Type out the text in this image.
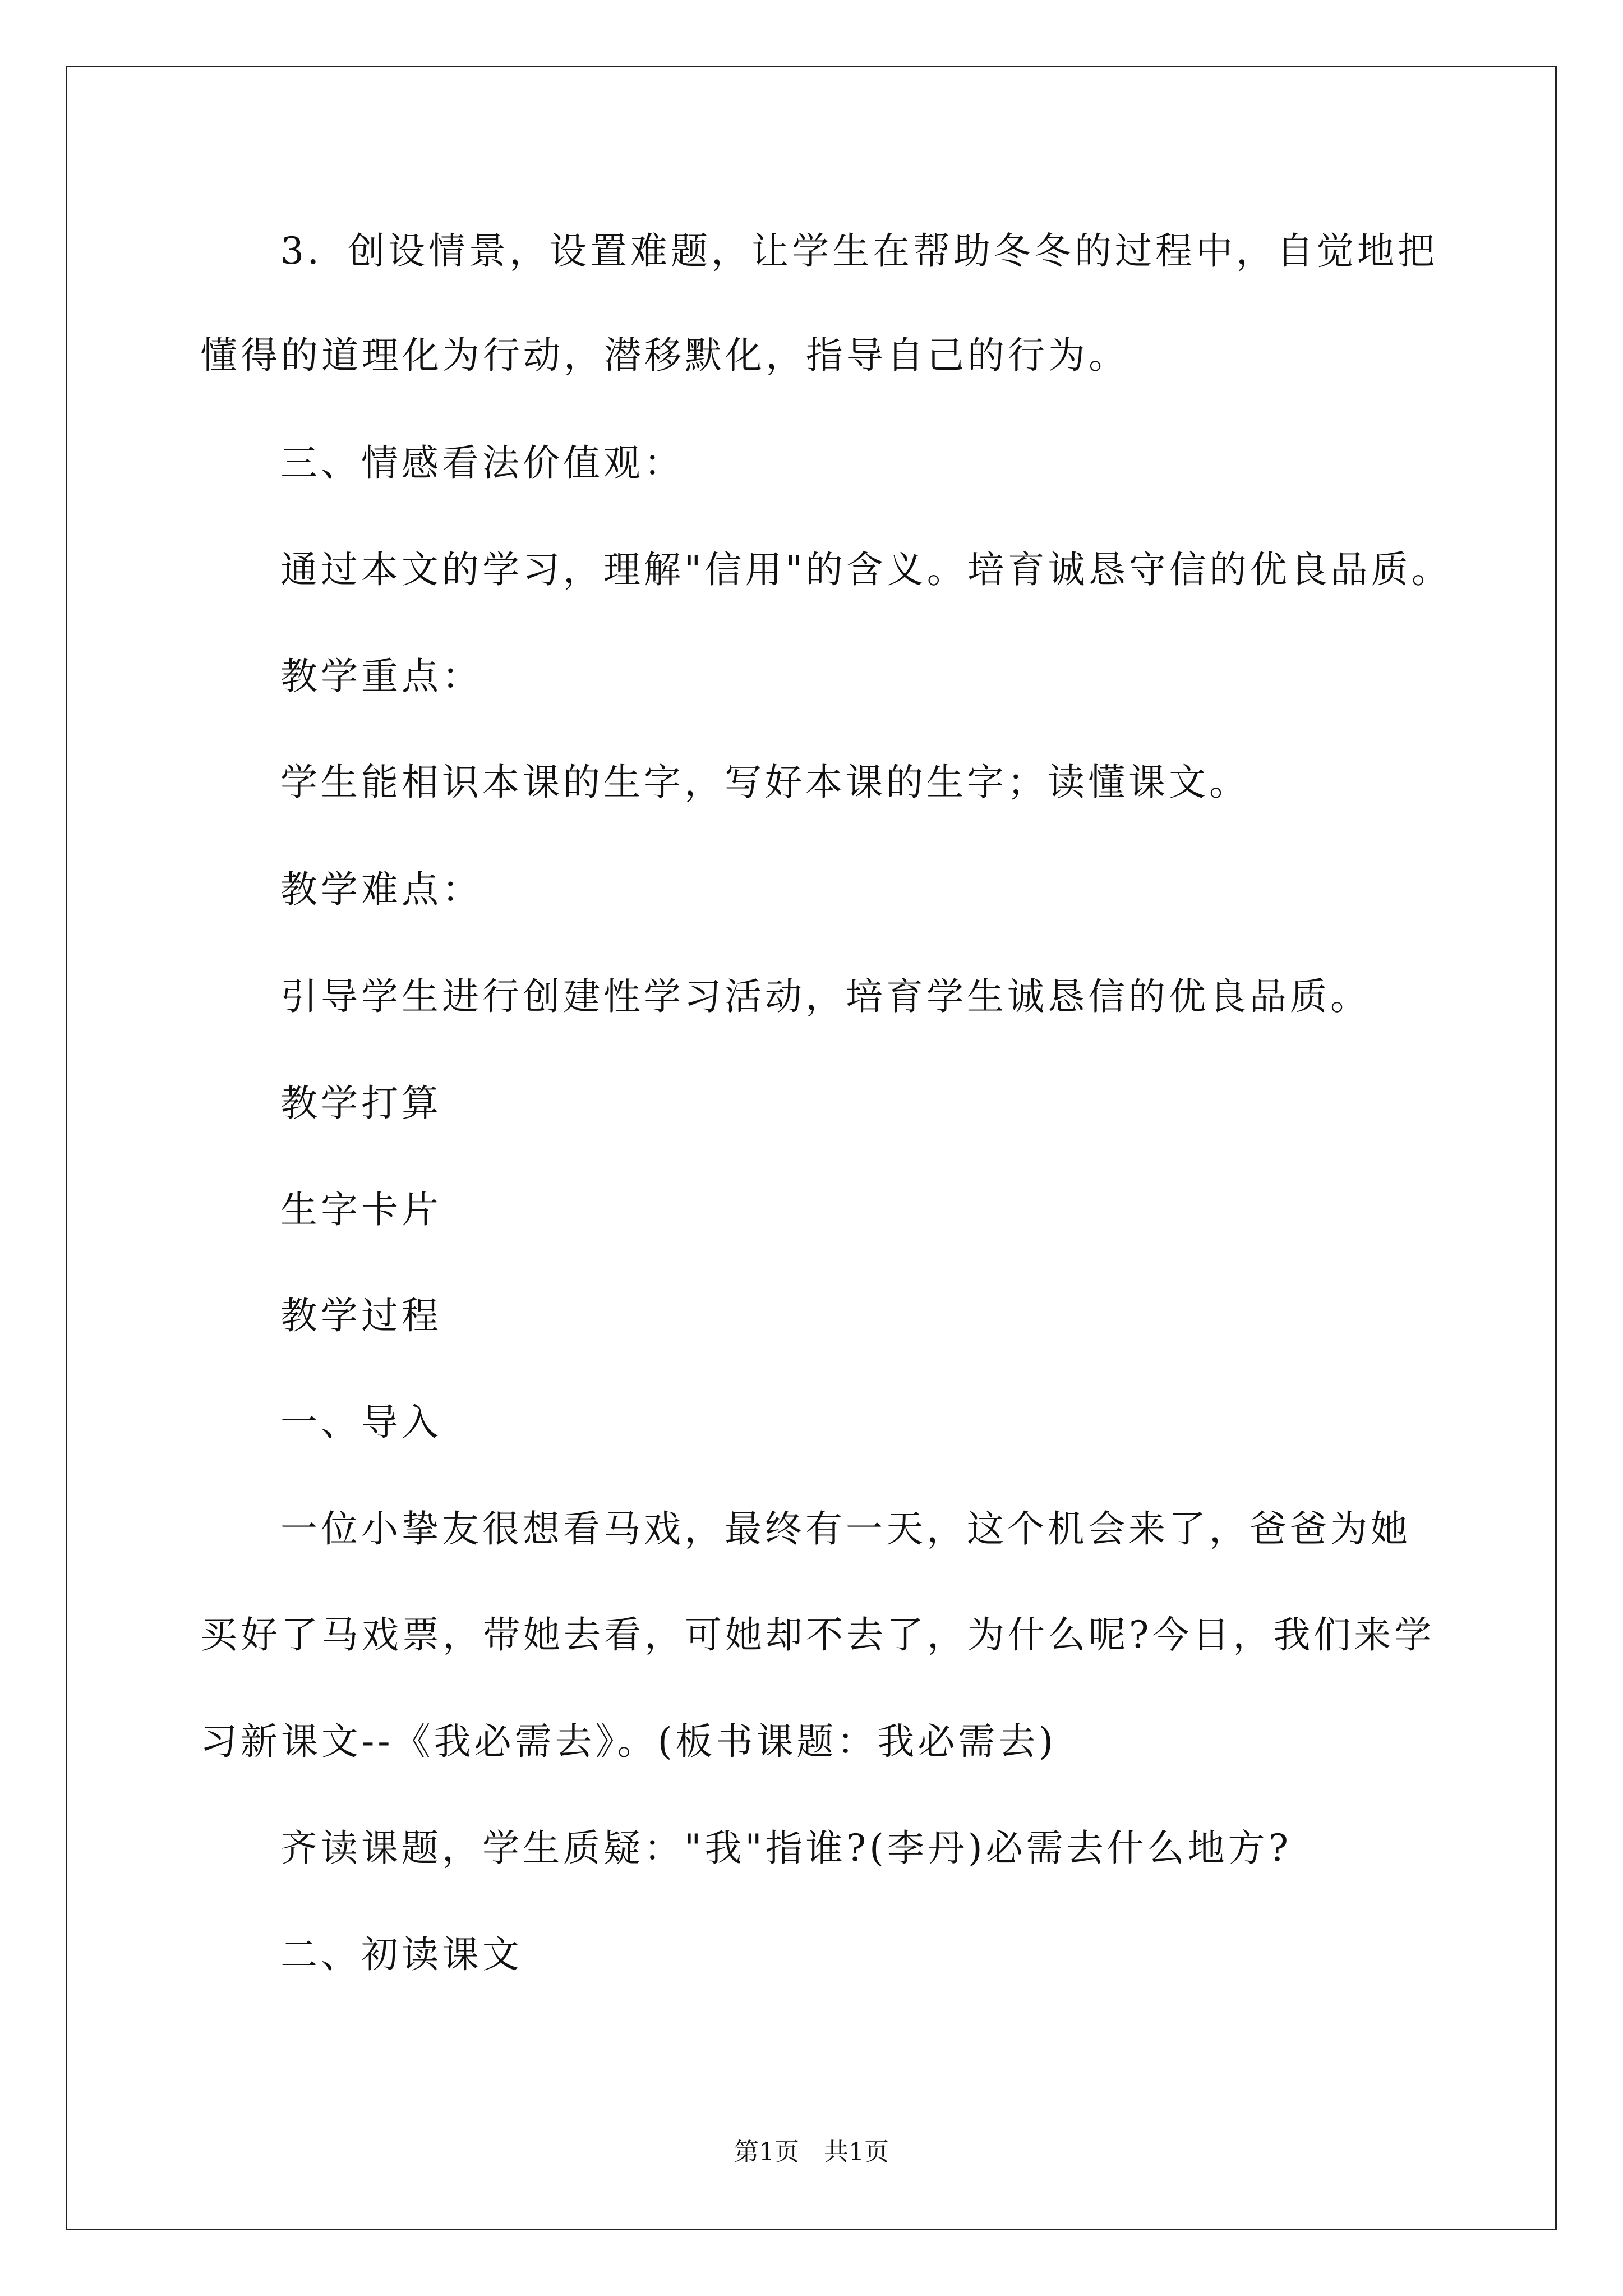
3．创设情景，设置难题，让学生在帮助冬冬的过程中，自觉地把
懂得的道理化为行动，潜移默化，指导自己的行为。
三、情感看法价值观：
通过本文的学习，理解"信用"的含义。培育诚恳守信的优良品质。
教学重点：
学生能相识本课的生字，写好本课的生字；读懂课文。
教学难点：
引导学生进行创建性学习活动，培育学生诚恳信的优良品质。
教学打算
生字卡片
教学过程
一、导入
一位小挚友很想看马戏，最终有一天，这个机会来了，爸爸为她
买好了马戏票，带她去看，可她却不去了，为什么呢?今日，我们来学
习新课文--《我必需去》。(板书课题：我必需去)
齐读课题，学生质疑："我"指谁?(李丹)必需去什么地方?
二、初读课文
第1页　共1页
